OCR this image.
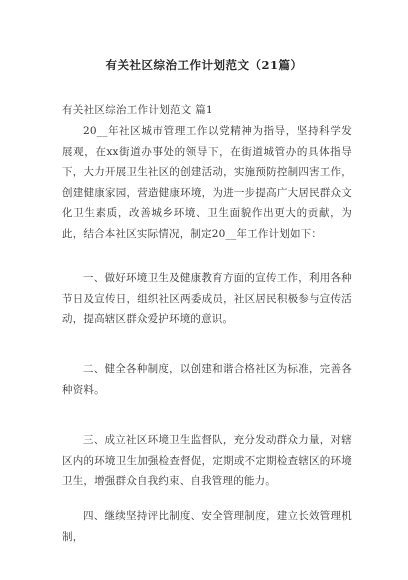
有关社区综治工作计划范文（21篇）
有关社区综治工作计划范文 篇1

20__年社区城市管理工作以党精神为指导，坚持科学发展观，在xx街道办事处的领导下，在街道城管办的具体指导下，大力开展卫生社区的创建活动，实施预防控制四害工作，创建健康家园，营造健康环境，为进一步提高广大居民群众文化卫生素质，改善城乡环境、卫生面貌作出更大的贡献，为此，结合本社区实际情况，制定20__年工作计划如下：

一、做好环境卫生及健康教育方面的宣传工作，利用各种节日及宣传日，组织社区两委成员，社区居民积极参与宣传活动，提高辖区群众爱护环境的意识。

二、健全各种制度，以创建和谐合格社区为标准，完善各种资料。

三、成立社区环境卫生监督队，充分发动群众力量，对辖区内的环境卫生加强检查督促，定期或不定期检查辖区的环境卫生，增强群众自我约束、自我管理的能力。

四、继续坚持评比制度、安全管理制度，建立长效管理机制，
